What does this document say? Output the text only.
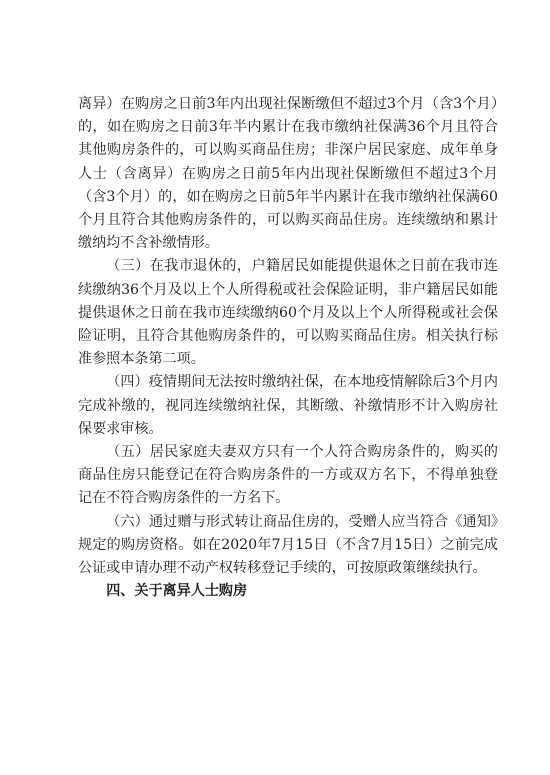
离异）在购房之日前3年内出现社保断缴但不超过3个月（含3个月）的，如在购房之日前3年半内累计在我市缴纳社保满36个月且符合其他购房条件的，可以购买商品住房；非深户居民家庭、成年单身人士（含离异）在购房之日前5年内出现社保断缴但不超过3个月（含3个月）的，如在购房之日前5年半内累计在我市缴纳社保满60个月且符合其他购房条件的，可以购买商品住房。连续缴纳和累计缴纳均不含补缴情形。

（三）在我市退休的，户籍居民如能提供退休之日前在我市连续缴纳36个月及以上个人所得税或社会保险证明，非户籍居民如能提供退休之日前在我市连续缴纳60个月及以上个人所得税或社会保险证明，且符合其他购房条件的，可以购买商品住房。相关执行标准参照本条第二项。

（四）疫情期间无法按时缴纳社保，在本地疫情解除后3个月内完成补缴的，视同连续缴纳社保，其断缴、补缴情形不计入购房社保要求审核。

（五）居民家庭夫妻双方只有一个人符合购房条件的，购买的商品住房只能登记在符合购房条件的一方或双方名下，不得单独登记在不符合购房条件的一方名下。

（六）通过赠与形式转让商品住房的，受赠人应当符合《通知》规定的购房资格。如在2020年7月15日（不含7月15日）之前完成公证或申请办理不动产权转移登记手续的，可按原政策继续执行。

四、关于离异人士购房
